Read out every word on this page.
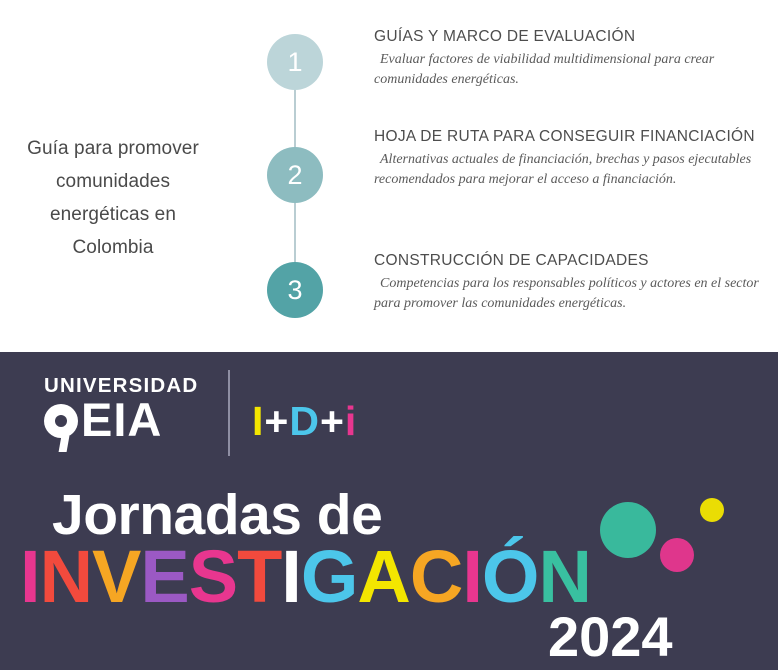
Guía para promover comunidades energéticas en Colombia
1

GUÍAS Y MARCO DE EVALUACIÓN

Evaluar factores de viabilidad multidimensional para crear comunidades energéticas.

2

HOJA DE RUTA PARA CONSEGUIR FINANCIACIÓN

Alternativas actuales de financiación, brechas y pasos ejecutables recomendados para mejorar el acceso a financiación.

3

CONSTRUCCIÓN DE CAPACIDADES

Competencias para los responsables políticos y actores en el sector para promover las comunidades energéticas.

UNIVERSIDAD

EIA	I+D+i
Jornadas de
INVESTIGACIÓN
2024
